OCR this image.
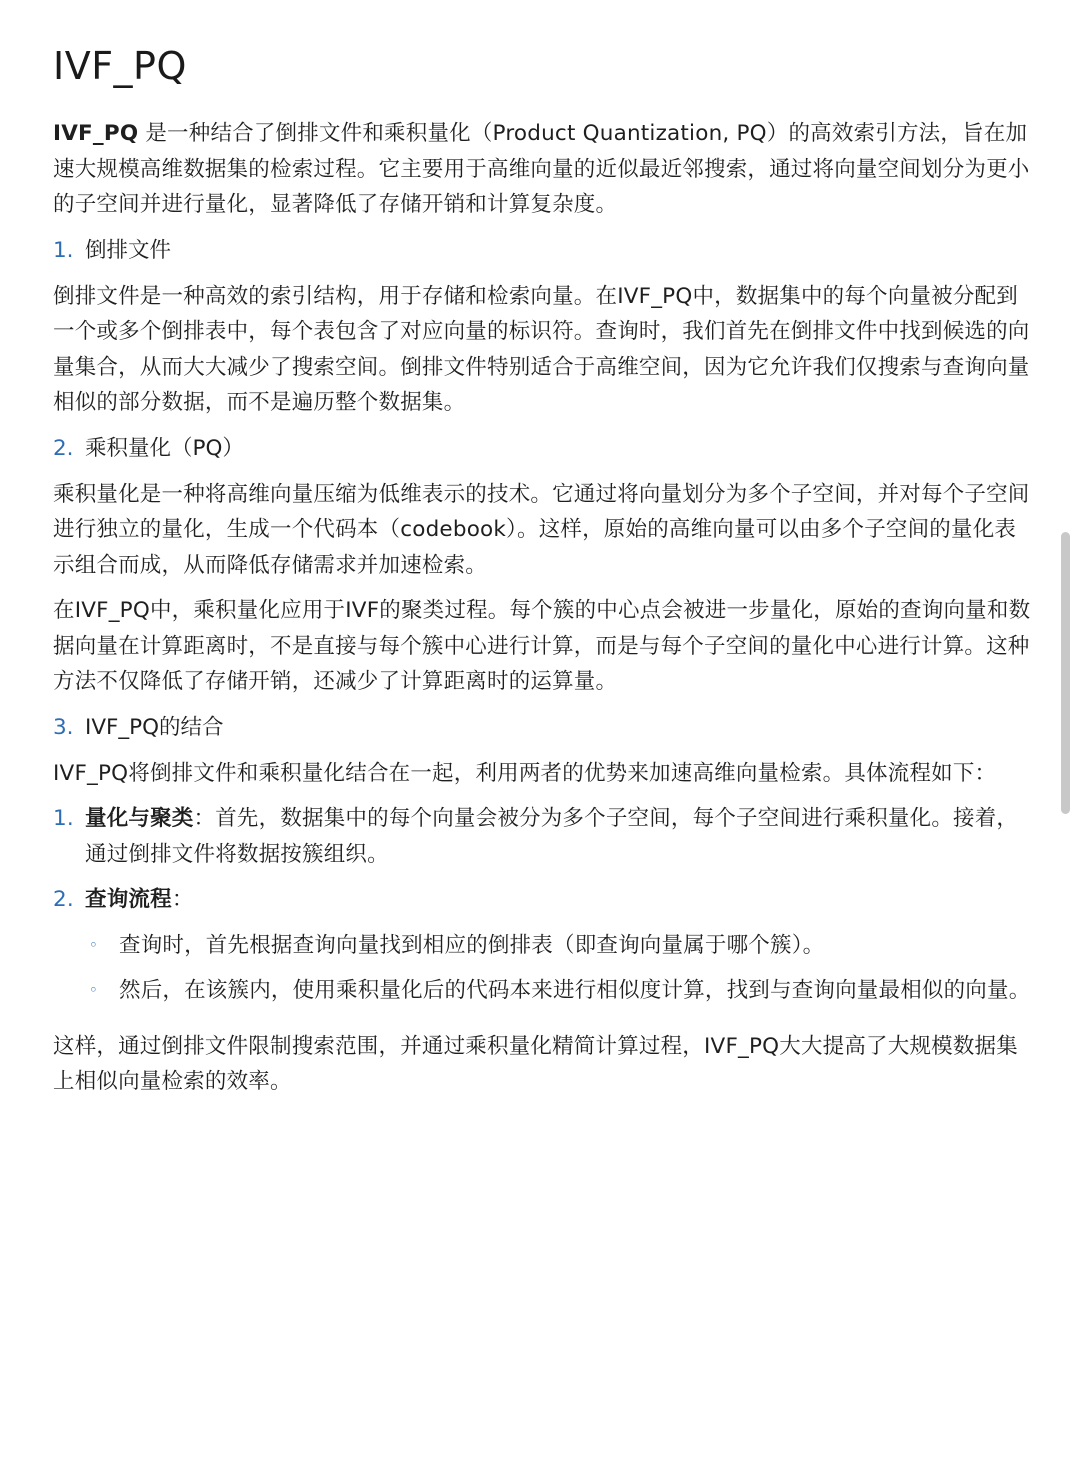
IVF_PQ

IVF_PQ 是一种结合了倒排文件和乘积量化（Product Quantization, PQ）的高效索引方法，旨在加速大规模高维数据集的检索过程。它主要用于高维向量的近似最近邻搜索，通过将向量空间划分为更小的子空间并进行量化，显著降低了存储开销和计算复杂度。

1. 倒排文件

倒排文件是一种高效的索引结构，用于存储和检索向量。在IVF_PQ中，数据集中的每个向量被分配到一个或多个倒排表中，每个表包含了对应向量的标识符。查询时，我们首先在倒排文件中找到候选的向量集合，从而大大减少了搜索空间。倒排文件特别适合于高维空间，因为它允许我们仅搜索与查询向量相似的部分数据，而不是遍历整个数据集。

2. 乘积量化（PQ）

乘积量化是一种将高维向量压缩为低维表示的技术。它通过将向量划分为多个子空间，并对每个子空间进行独立的量化，生成一个代码本（codebook）。这样，原始的高维向量可以由多个子空间的量化表示组合而成，从而降低存储需求并加速检索。

在IVF_PQ中，乘积量化应用于IVF的聚类过程。每个簇的中心点会被进一步量化，原始的查询向量和数据向量在计算距离时，不是直接与每个簇中心进行计算，而是与每个子空间的量化中心进行计算。这种方法不仅降低了存储开销，还减少了计算距离时的运算量。

3. IVF_PQ的结合

IVF_PQ将倒排文件和乘积量化结合在一起，利用两者的优势来加速高维向量检索。具体流程如下：

1. 量化与聚类：首先，数据集中的每个向量会被分为多个子空间，每个子空间进行乘积量化。接着，通过倒排文件将数据按簇组织。
2. 查询流程：
◦ 查询时，首先根据查询向量找到相应的倒排表（即查询向量属于哪个簇）。
◦ 然后，在该簇内，使用乘积量化后的代码本来进行相似度计算，找到与查询向量最相似的向量。

这样，通过倒排文件限制搜索范围，并通过乘积量化精简计算过程，IVF_PQ大大提高了大规模数据集上相似向量检索的效率。
